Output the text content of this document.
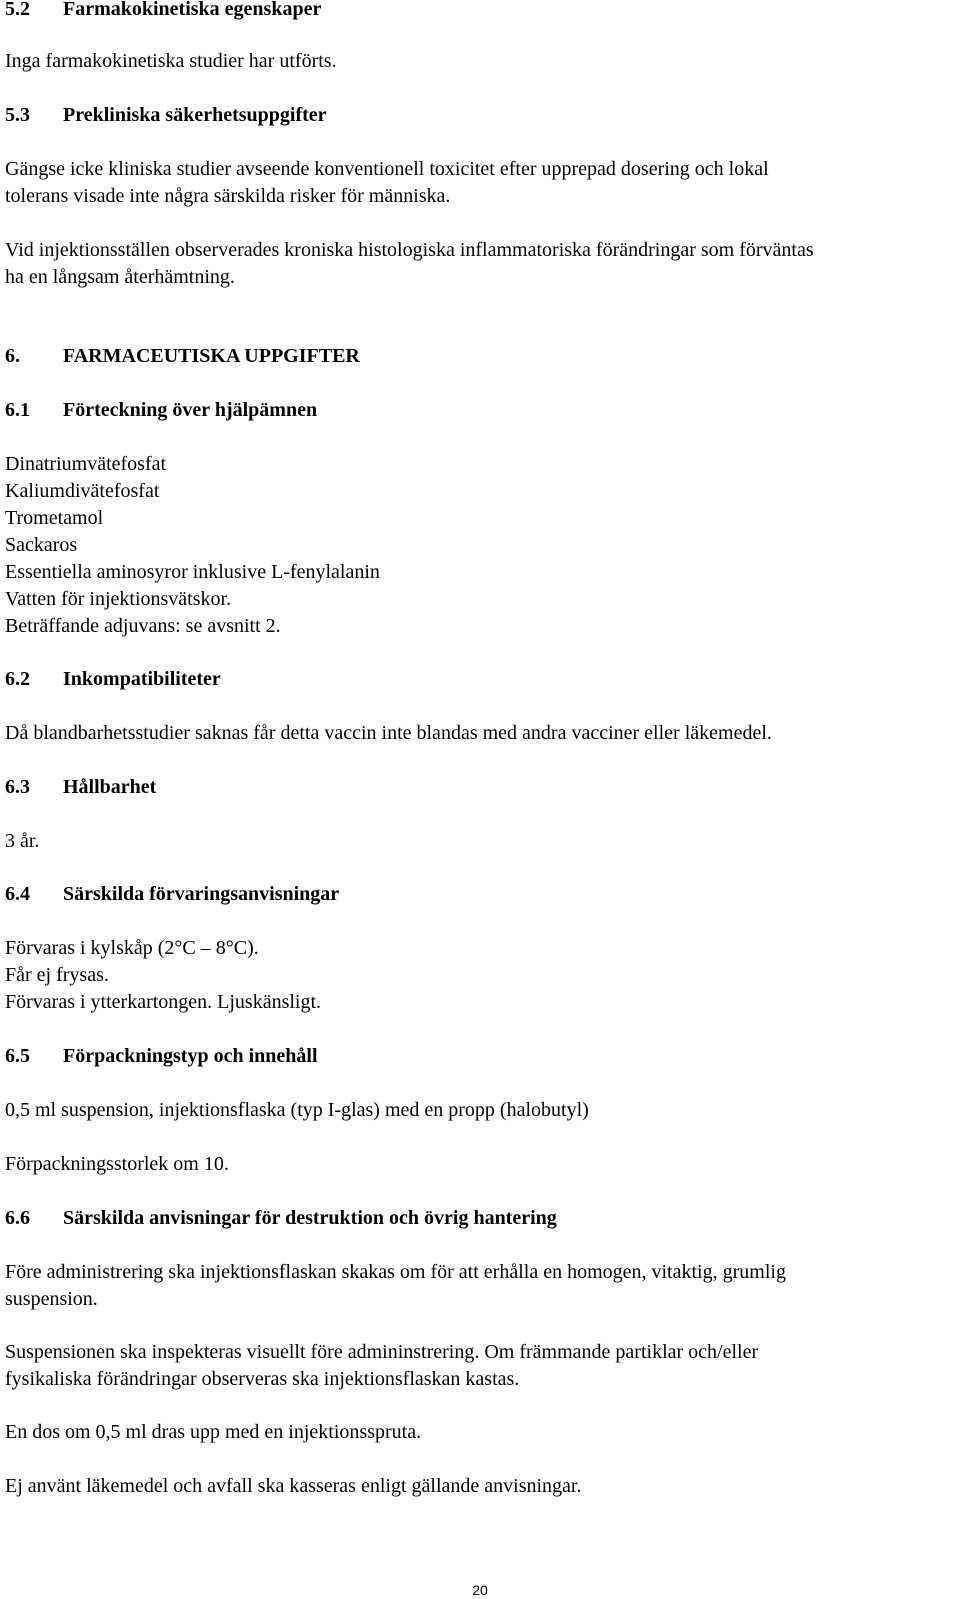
5.2 Farmakokinetiska egenskaper
Inga farmakokinetiska studier har utförts.
5.3 Prekliniska säkerhetsuppgifter
Gängse icke kliniska studier avseende konventionell toxicitet efter upprepad dosering och lokal
tolerans visade inte några särskilda risker för människa.
Vid injektionsställen observerades kroniska histologiska inflammatoriska förändringar som förväntas
ha en långsam återhämtning.
6. FARMACEUTISKA UPPGIFTER
6.1 Förteckning över hjälpämnen
Dinatriumvätefosfat
Kaliumdivätefosfat
Trometamol
Sackaros
Essentiella aminosyror inklusive L-fenylalanin
Vatten för injektionsvätskor.
Beträffande adjuvans: se avsnitt 2.
6.2 Inkompatibiliteter
Då blandbarhetsstudier saknas får detta vaccin inte blandas med andra vacciner eller läkemedel.
6.3 Hållbarhet
3 år.
6.4 Särskilda förvaringsanvisningar
Förvaras i kylskåp (2°C – 8°C).
Får ej frysas.
Förvaras i ytterkartongen. Ljuskänsligt.
6.5 Förpackningstyp och innehåll
0,5 ml suspension, injektionsflaska (typ I-glas) med en propp (halobutyl)
Förpackningsstorlek om 10.
6.6 Särskilda anvisningar för destruktion och övrig hantering
Före administrering ska injektionsflaskan skakas om för att erhålla en homogen, vitaktig, grumlig
suspension.
Suspensionen ska inspekteras visuellt före admininstrering. Om främmande partiklar och/eller
fysikaliska förändringar observeras ska injektionsflaskan kastas.
En dos om 0,5 ml dras upp med en injektionsspruta.
Ej använt läkemedel och avfall ska kasseras enligt gällande anvisningar.
20
